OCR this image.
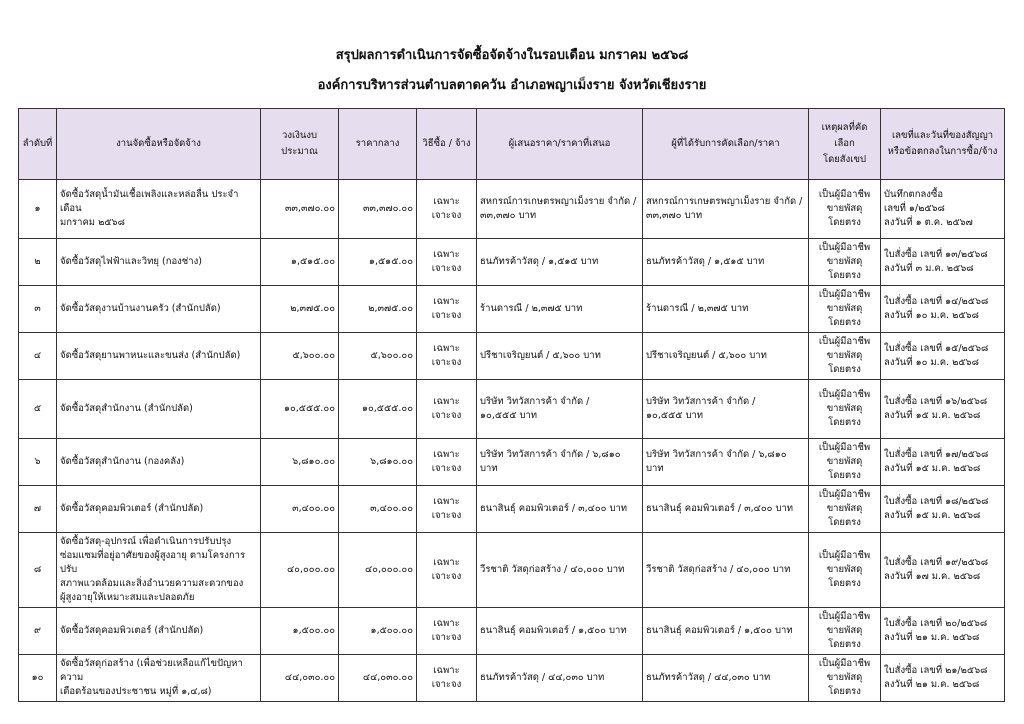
สรุปผลการดำเนินการจัดซื้อจัดจ้างในรอบเดือน มกราคม ๒๕๖๘
องค์การบริหารส่วนตำบลตาดควัน อำเภอพญาเม็งราย จังหวัดเชียงราย
ลำดับที่	งานจัดซื้อหรือจัดจ้าง	วงเงินงบประมาณ	ราคากลาง	วิธีซื้อ / จ้าง	ผู้เสนอราคา/ราคาที่เสนอ	ผู้ที่ได้รับการคัดเลือก/ราคา	เหตุผลที่คัดเลือก
โดยสังเขป	เลขที่และวันที่ของสัญญา
หรือข้อตกลงในการซื้อ/จ้าง

๑	จัดซื้อวัสดุน้ำมันเชื้อเพลิงและหล่อลื่น ประจำเดือน
มกราคม ๒๕๖๘	๓๓,๓๗๐.๐๐	๓๓,๓๗๐.๐๐	เฉพาะเจาะจง	สหกรณ์การเกษตรพญาเม็งราย จำกัด /
๓๓,๓๗๐ บาท	สหกรณ์การเกษตรพญาเม็งราย จำกัด /
๓๓,๓๗๐ บาท	เป็นผู้มีอาชีพ
ขายพัสดุโดยตรง	บันทึกตกลงซื้อ
เลขที่ ๑/๒๕๖๘
ลงวันที่ ๑ ต.ค. ๒๕๖๗

๒	จัดซื้อวัสดุไฟฟ้าและวิทยุ (กองช่าง)	๑,๕๑๕.๐๐	๑,๕๑๕.๐๐	เฉพาะเจาะจง	ธนภัทรค้าวัสดุ / ๑,๕๑๕ บาท	ธนภัทรค้าวัสดุ / ๑,๕๑๕ บาท	เป็นผู้มีอาชีพ
ขายพัสดุโดยตรง	ใบสั่งซื้อ เลขที่ ๑๓/๒๕๖๘
ลงวันที่ ๓ ม.ค. ๒๕๖๘

๓	จัดซื้อวัสดุงานบ้านงานครัว (สำนักปลัด)	๒,๓๗๕.๐๐	๒,๓๗๕.๐๐	เฉพาะเจาะจง	ร้านดารณี / ๒,๓๗๕ บาท	ร้านดารณี / ๒,๓๗๕ บาท	เป็นผู้มีอาชีพ
ขายพัสดุโดยตรง	ใบสั่งซื้อ เลขที่ ๑๔/๒๕๖๘
ลงวันที่ ๑๐ ม.ค. ๒๕๖๘

๔	จัดซื้อวัสดุยานพาหนะและขนส่ง (สำนักปลัด)	๕,๖๐๐.๐๐	๕,๖๐๐.๐๐	เฉพาะเจาะจง	ปรีชาเจริญยนต์ / ๕,๖๐๐ บาท	ปรีชาเจริญยนต์ / ๕,๖๐๐ บาท	เป็นผู้มีอาชีพ
ขายพัสดุโดยตรง	ใบสั่งซื้อ เลขที่ ๑๕/๒๕๖๘
ลงวันที่ ๑๐ ม.ค. ๒๕๖๘

๕	จัดซื้อวัสดุสำนักงาน (สำนักปลัด)	๑๐,๕๕๕.๐๐	๑๐,๕๕๕.๐๐	เฉพาะเจาะจง	บริษัท วิทวัสการค้า จำกัด /
๑๐,๕๕๕ บาท	บริษัท วิทวัสการค้า จำกัด /
๑๐,๕๕๕ บาท	เป็นผู้มีอาชีพ
ขายพัสดุโดยตรง	ใบสั่งซื้อ เลขที่ ๑๖/๒๕๖๘
ลงวันที่ ๑๕ ม.ค. ๒๕๖๘

๖	จัดซื้อวัสดุสำนักงาน (กองคลัง)	๖,๘๑๐.๐๐	๖,๘๑๐.๐๐	เฉพาะเจาะจง	บริษัท วิทวัสการค้า จำกัด / ๖,๘๑๐ บาท	บริษัท วิทวัสการค้า จำกัด / ๖,๘๑๐ บาท	เป็นผู้มีอาชีพ
ขายพัสดุโดยตรง	ใบสั่งซื้อ เลขที่ ๑๗/๒๕๖๘
ลงวันที่ ๑๕ ม.ค. ๒๕๖๘

๗	จัดซื้อวัสดุคอมพิวเตอร์ (สำนักปลัด)	๓,๔๐๐.๐๐	๓,๔๐๐.๐๐	เฉพาะเจาะจง	ธนาสินธุ์ คอมพิวเตอร์ / ๓,๔๐๐ บาท	ธนาสินธุ์ คอมพิวเตอร์ / ๓,๔๐๐ บาท	เป็นผู้มีอาชีพ
ขายพัสดุโดยตรง	ใบสั่งซื้อ เลขที่ ๑๘/๒๕๖๘
ลงวันที่ ๑๕ ม.ค. ๒๕๖๘

๘	จัดซื้อวัสดุ-อุปกรณ์ เพื่อดำเนินการปรับปรุง
ซ่อมแซมที่อยู่อาศัยของผู้สูงอายุ ตามโครงการปรับ
สภาพแวดล้อมและสิ่งอำนวยความสะดวกของ
ผู้สูงอายุให้เหมาะสมและปลอดภัย	๔๐,๐๐๐.๐๐	๔๐,๐๐๐.๐๐	เฉพาะเจาะจง	วีรชาติ วัสดุก่อสร้าง / ๔๐,๐๐๐ บาท	วีรชาติ วัสดุก่อสร้าง / ๔๐,๐๐๐ บาท	เป็นผู้มีอาชีพ
ขายพัสดุโดยตรง	ใบสั่งซื้อ เลขที่ ๑๙/๒๕๖๘
ลงวันที่ ๑๗ ม.ค. ๒๕๖๘

๙	จัดซื้อวัสดุคอมพิวเตอร์ (สำนักปลัด)	๑,๕๐๐.๐๐	๑,๕๐๐.๐๐	เฉพาะเจาะจง	ธนาสินธุ์ คอมพิวเตอร์ / ๑,๕๐๐ บาท	ธนาสินธุ์ คอมพิวเตอร์ / ๑,๕๐๐ บาท	เป็นผู้มีอาชีพ
ขายพัสดุโดยตรง	ใบสั่งซื้อ เลขที่ ๒๐/๒๕๖๘
ลงวันที่ ๒๑ ม.ค. ๒๕๖๘

๑๐	จัดซื้อวัสดุก่อสร้าง (เพื่อช่วยเหลือแก้ไขปัญหาความ
เดือดร้อนของประชาชน หมู่ที่ ๑,๔,๘)	๔๔,๐๓๐.๐๐	๔๔,๐๓๐.๐๐	เฉพาะเจาะจง	ธนภัทรค้าวัสดุ / ๔๔,๐๓๐ บาท	ธนภัทรค้าวัสดุ / ๔๔,๐๓๐ บาท	เป็นผู้มีอาชีพ
ขายพัสดุโดยตรง	ใบสั่งซื้อ เลขที่ ๒๑/๒๕๖๘
ลงวันที่ ๒๑ ม.ค. ๒๕๖๘
